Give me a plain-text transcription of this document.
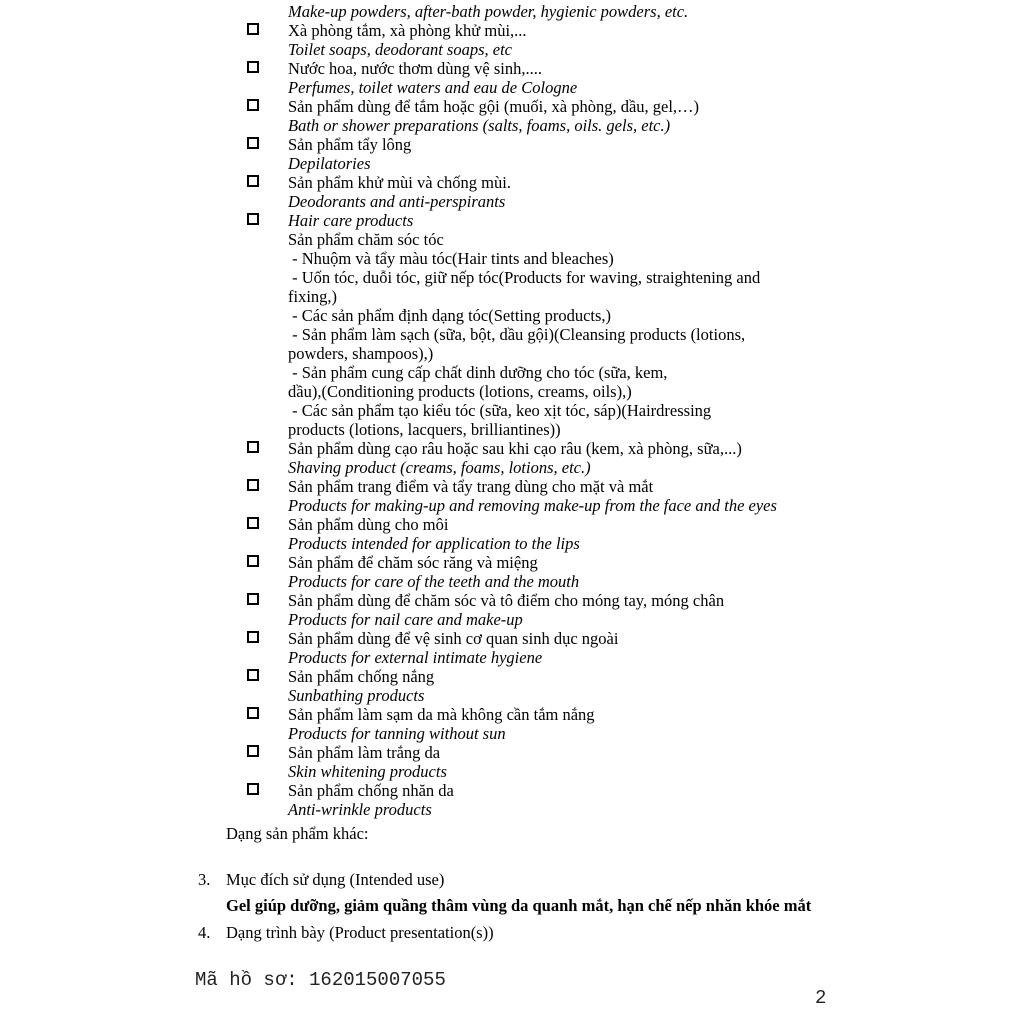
Make-up powders, after-bath powder, hygienic powders, etc.
Xà phòng tắm, xà phòng khử mùi,...
Toilet soaps, deodorant soaps, etc
Nước hoa, nước thơm dùng vệ sinh,....
Perfumes, toilet waters and eau de Cologne
Sản phẩm dùng để tắm hoặc gội (muối, xà phòng, dầu, gel,…)
Bath or shower preparations (salts, foams, oils. gels, etc.)
Sản phẩm tẩy lông
Depilatories
Sản phẩm khử mùi và chống mùi.
Deodorants and anti-perspirants
Hair care products
Sản phẩm chăm sóc tóc
- Nhuộm và tẩy màu tóc(Hair tints and bleaches)
- Uốn tóc, duỗi tóc, giữ nếp tóc(Products for waving, straightening and
fixing,)
- Các sản phẩm định dạng tóc(Setting products,)
- Sản phẩm làm sạch (sữa, bột, dầu gội)(Cleansing products (lotions,
powders, shampoos),)
- Sản phẩm cung cấp chất dinh dưỡng cho tóc (sữa, kem,
dầu),(Conditioning products (lotions, creams, oils),)
- Các sản phẩm tạo kiểu tóc (sữa, keo xịt tóc, sáp)(Hairdressing
products (lotions, lacquers, brilliantines))
Sản phẩm dùng cạo râu hoặc sau khi cạo râu (kem, xà phòng, sữa,...)
Shaving product (creams, foams, lotions, etc.)
Sản phẩm trang điểm và tẩy trang dùng cho mặt và mắt
Products for making-up and removing make-up from the face and the eyes
Sản phẩm dùng cho môi
Products intended for application to the lips
Sản phẩm để chăm sóc răng và miệng
Products for care of the teeth and the mouth
Sản phẩm dùng để chăm sóc và tô điểm cho móng tay, móng chân
Products for nail care and make-up
Sản phẩm dùng để vệ sinh cơ quan sinh dục ngoài
Products for external intimate hygiene
Sản phẩm chống nắng
Sunbathing products
Sản phẩm làm sạm da mà không cần tắm nắng
Products for tanning without sun
Sản phẩm làm trắng da
Skin whitening products
Sản phẩm chống nhăn da
Anti-wrinkle products
Dạng sản phẩm khác:
3. Mục đích sử dụng (Intended use)
Gel giúp dưỡng, giảm quầng thâm vùng da quanh mắt, hạn chế nếp nhăn khóe mắt
4. Dạng trình bày (Product presentation(s))
Mã hồ sơ: 162015007055
2
